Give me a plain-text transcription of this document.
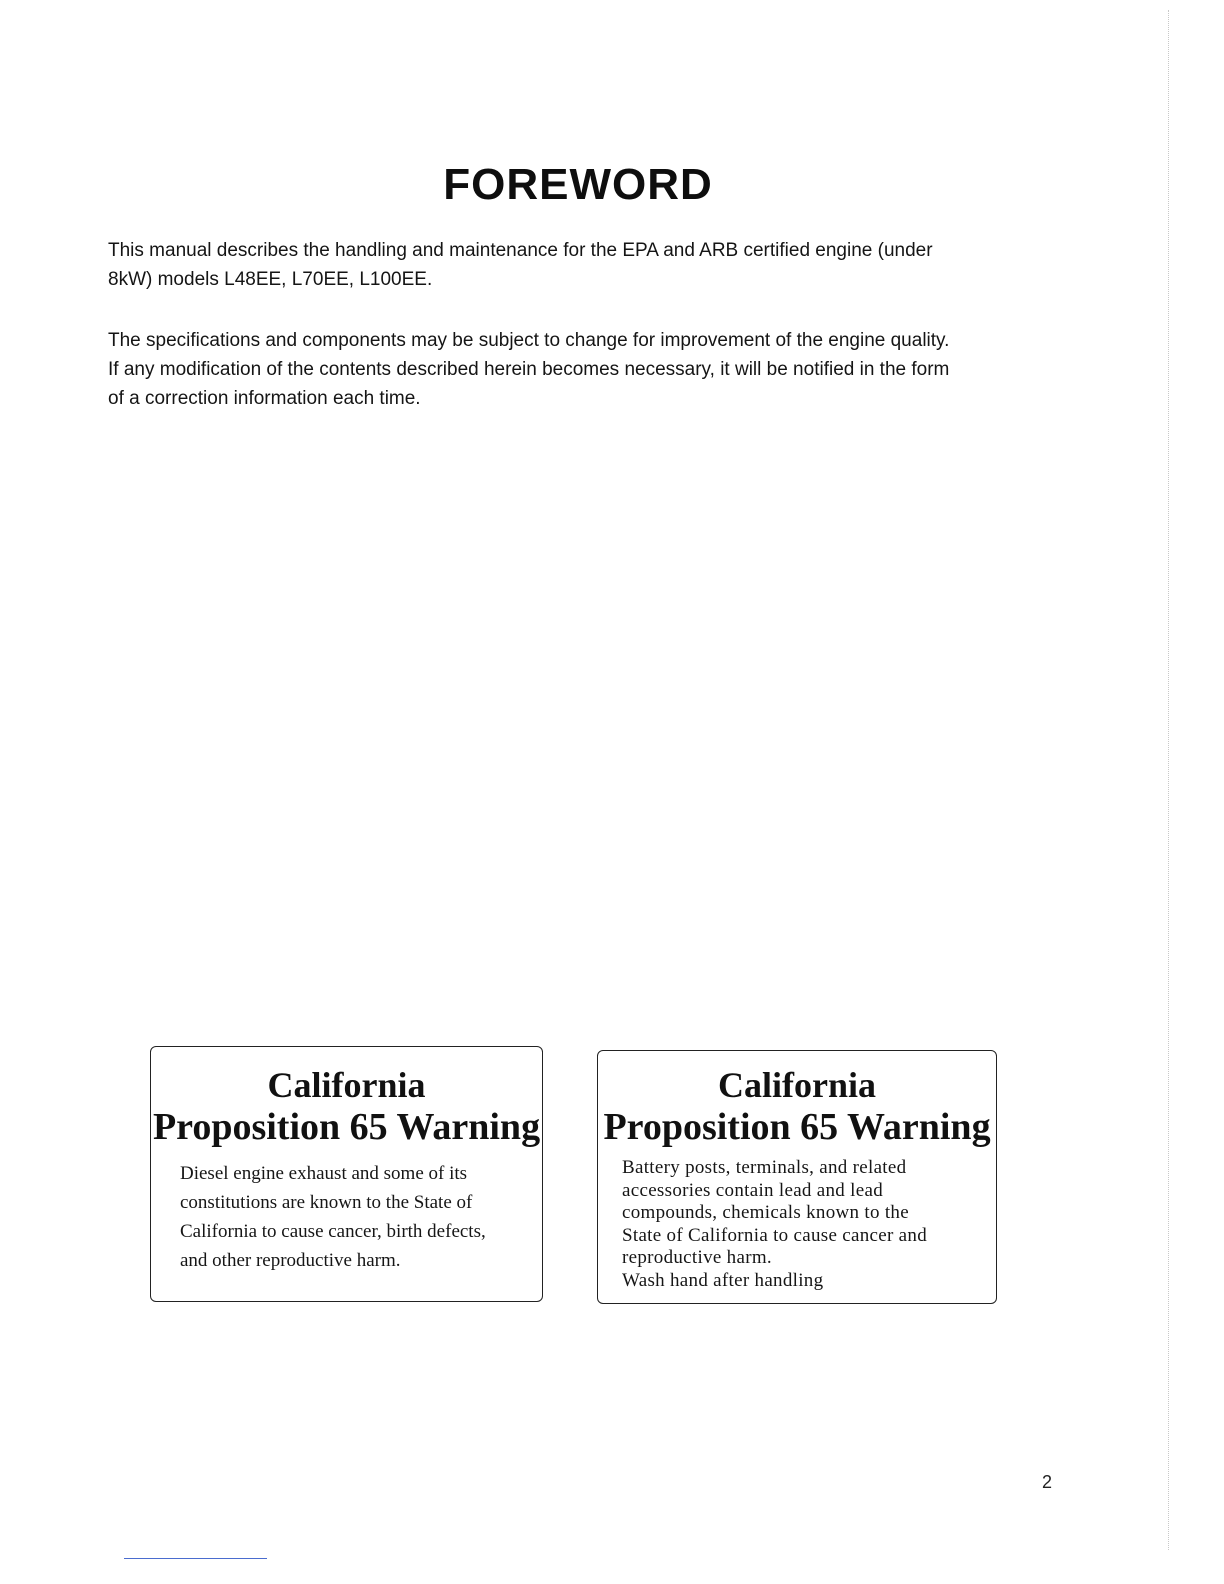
FOREWORD

This manual describes the handling and maintenance for the EPA and ARB certified engine (under
8kW) models L48EE, L70EE, L100EE.

The specifications and components may be subject to change for improvement of the engine quality.
If any modification of the contents described herein becomes necessary, it will be notified in the form
of a correction information each time.

California
Proposition 65 Warning

Diesel engine exhaust and some of its
constitutions are known to the State of
California to cause cancer, birth defects,
and other reproductive harm.

California
Proposition 65 Warning

Battery posts, terminals, and related
accessories contain lead and lead
compounds, chemicals known to the
State of California to cause cancer and
reproductive harm.
Wash hand after handling

2
